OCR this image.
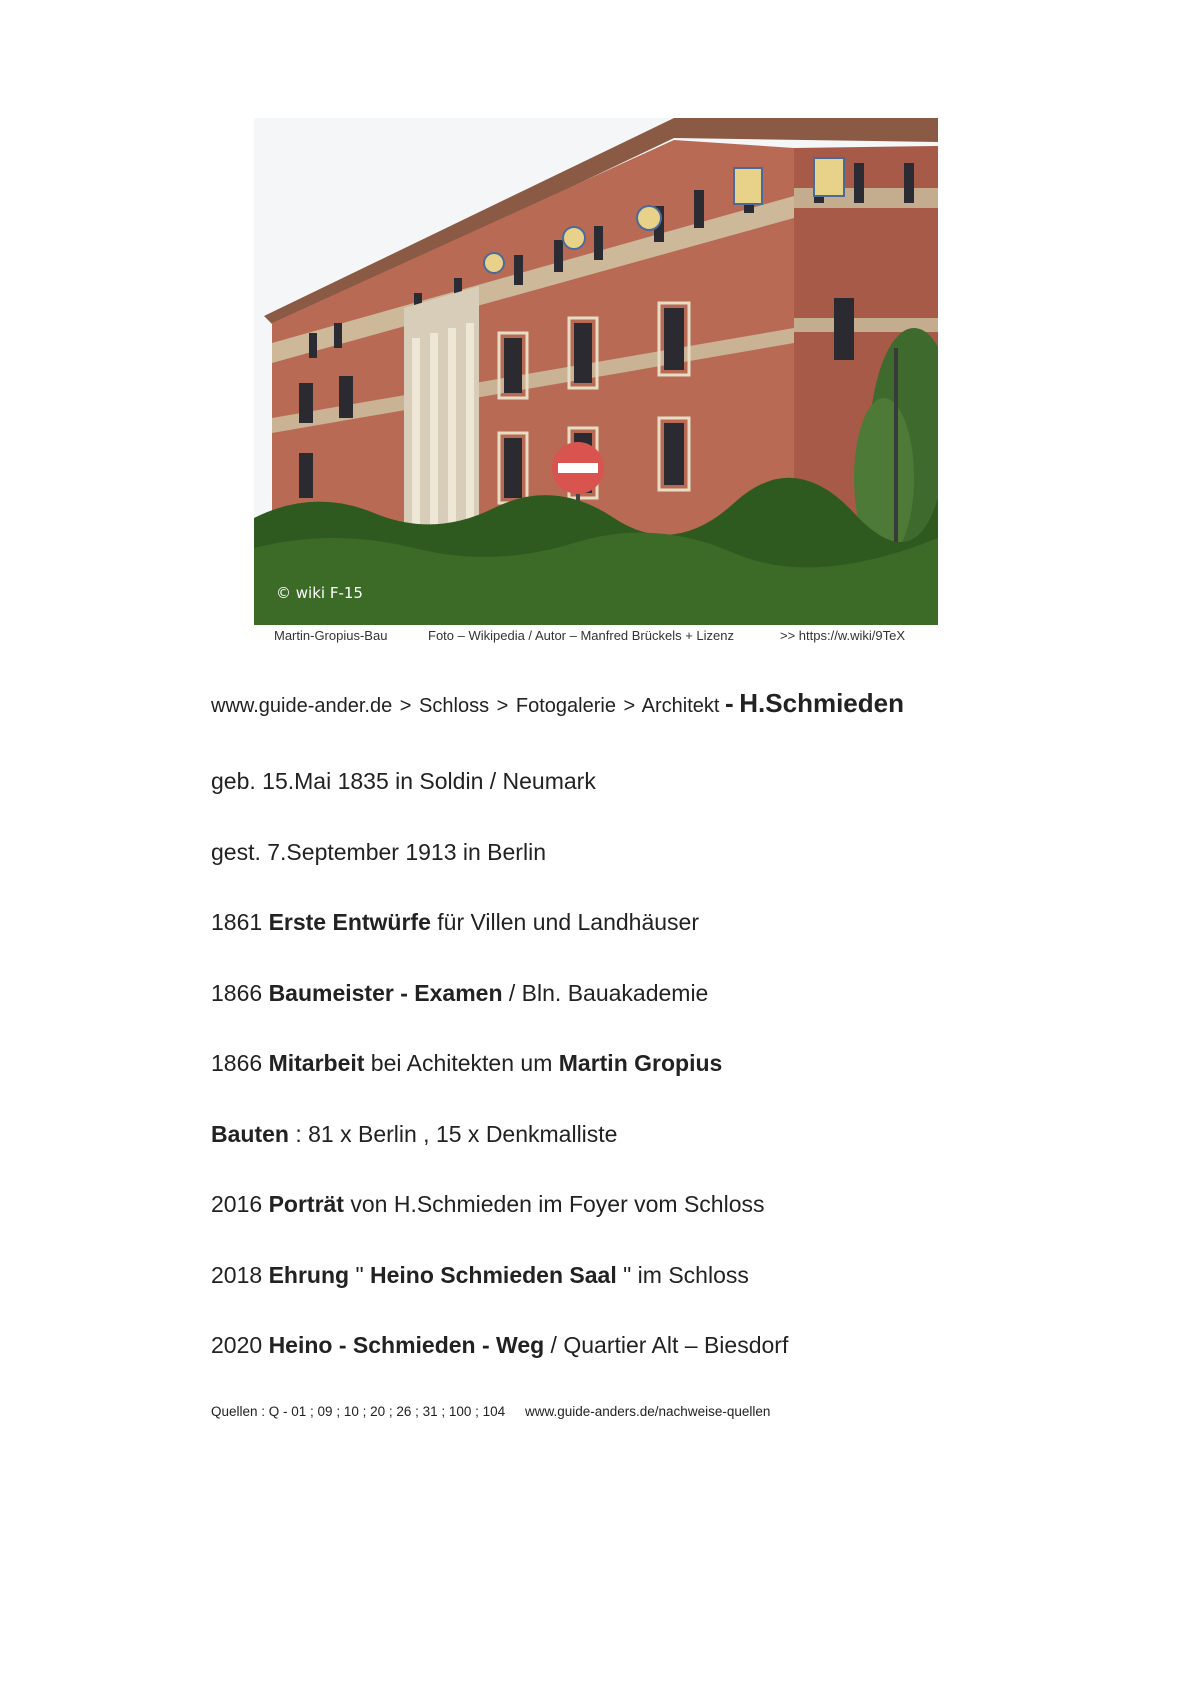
© wiki F-15
Martin-Gropius-Bau	Foto – Wikipedia / Autor – Manfred Brückels + Lizenz	>> https://w.wiki/9TeX
www.guide-ander.de > Schloss > Fotogalerie > Architekt - H.Schmieden
geb. 15.Mai 1835 in Soldin / Neumark
gest. 7.September 1913 in Berlin
1861 Erste Entwürfe für Villen und Landhäuser
1866 Baumeister - Examen / Bln. Bauakademie
1866 Mitarbeit bei Achitekten um Martin Gropius
Bauten : 81 x Berlin , 15 x Denkmalliste
2016 Porträt von H.Schmieden im Foyer vom Schloss
2018 Ehrung " Heino Schmieden Saal " im Schloss
2020 Heino - Schmieden - Weg / Quartier Alt – Biesdorf
Quellen : Q - 01 ; 09 ; 10 ; 20 ; 26 ; 31 ; 100 ; 104 www.guide-anders.de/nachweise-quellen
